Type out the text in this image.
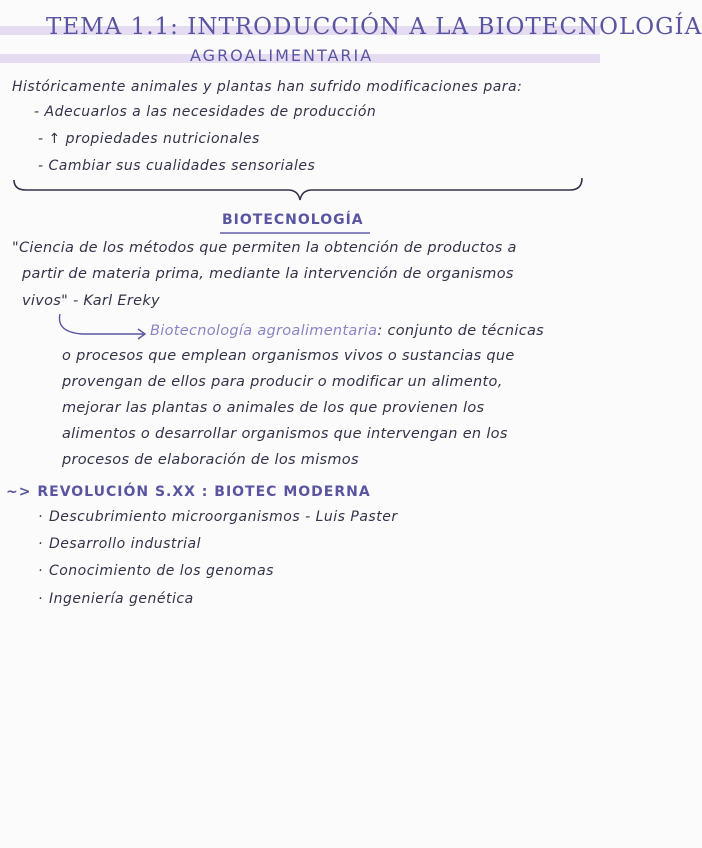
TEMA 1.1: INTRODUCCIÓN A LA BIOTECNOLOGÍA
AGROALIMENTARIA
Históricamente animales y plantas han sufrido modificaciones para:
- Adecuarlos a las necesidades de producción
- ↑ propiedades nutricionales
- Cambiar sus cualidades sensoriales
BIOTECNOLOGÍA
"Ciencia de los métodos que permiten la obtención de productos a
partir de materia prima, mediante la intervención de organismos
vivos" - Karl Ereky
Biotecnología agroalimentaria: conjunto de técnicas
o procesos que emplean organismos vivos o sustancias que
provengan de ellos para producir o modificar un alimento,
mejorar las plantas o animales de los que provienen los
alimentos o desarrollar organismos que intervengan en los
procesos de elaboración de los mismos
~> REVOLUCIÓN S.XX : BIOTEC MODERNA
· Descubrimiento microorganismos - Luis Paster
· Desarrollo industrial
· Conocimiento de los genomas
· Ingeniería genética
